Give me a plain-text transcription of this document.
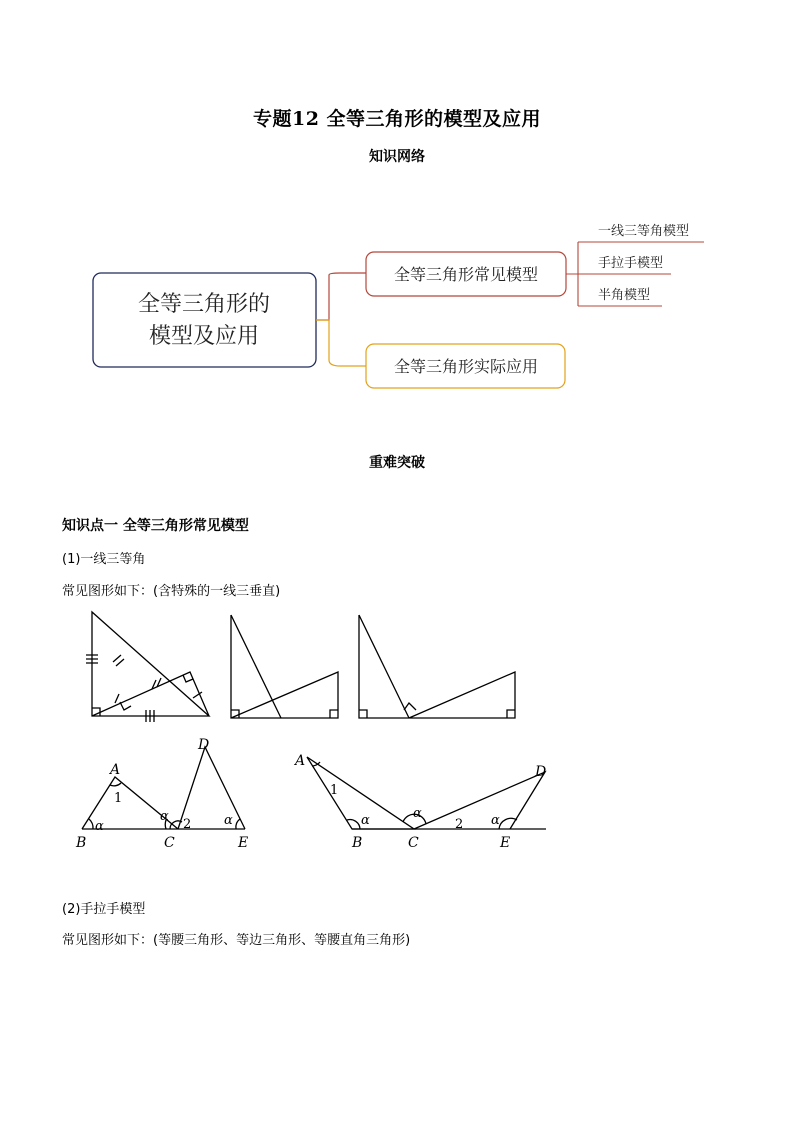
专题12 全等三角形的模型及应用
知识网络
全等三角形的
模型及应用
全等三角形常见模型
全等三角形实际应用
一线三等角模型
手拉手模型
半角模型
重难突破
知识点一 全等三角形常见模型
(1)一线三等角
常见图形如下：(含特殊的一线三垂直)
A
B	C
D
E
α
α	α
1
2
A
B	C
D
E
α	α	α
1
2
(2)手拉手模型
常见图形如下：(等腰三角形、等边三角形、等腰直角三角形)
